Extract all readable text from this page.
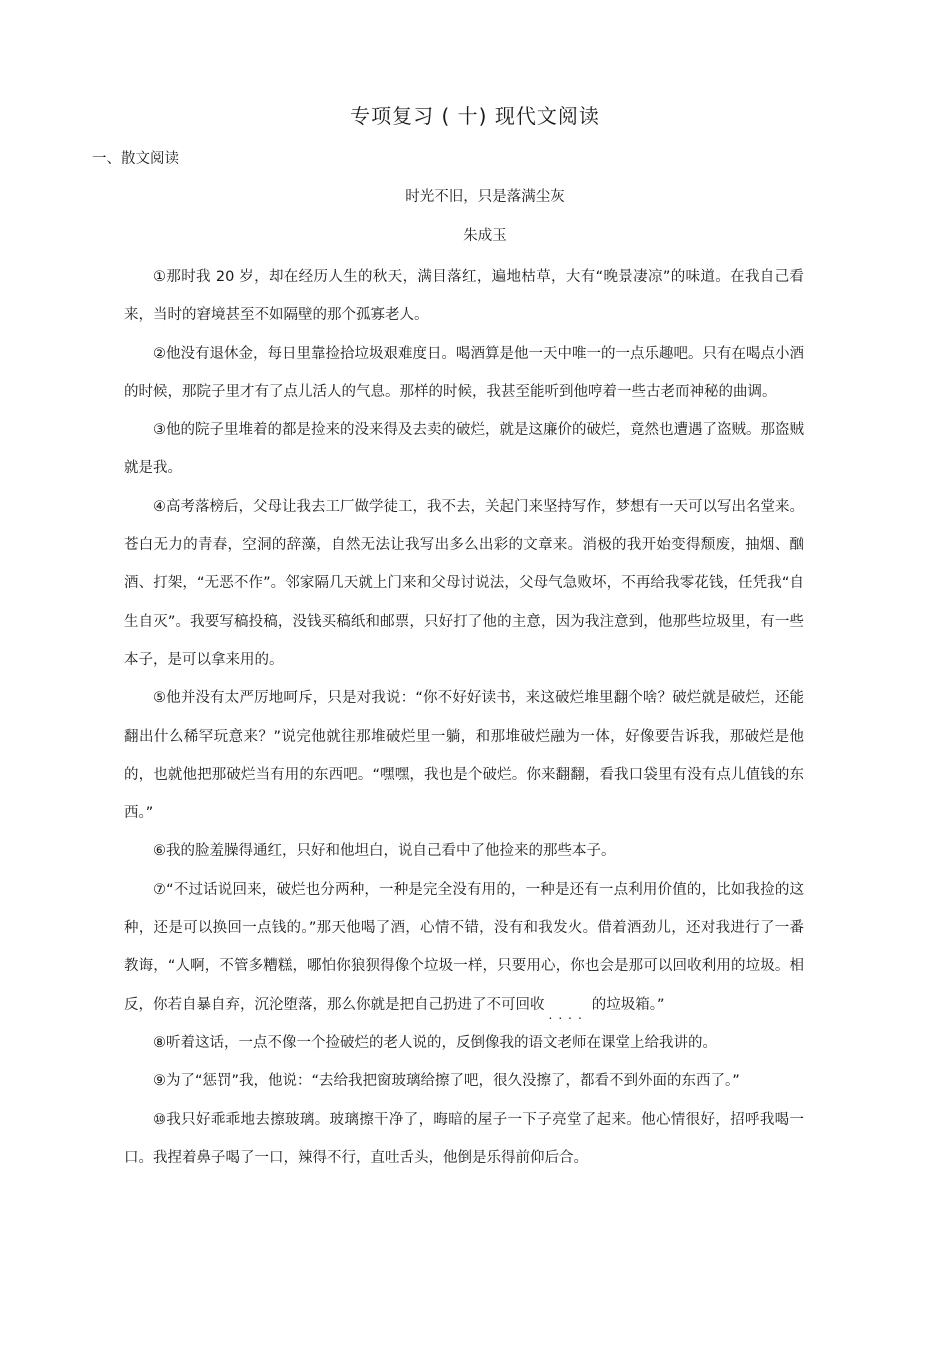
专项复习 ( 十) 现代文阅读
一、散文阅读
时光不旧，只是落满尘灰
朱成玉

①那时我 20 岁，却在经历人生的秋天，满目落红，遍地枯草，大有“晚景凄凉”的味道。在我自己看来，当时的窘境甚至不如隔壁的那个孤寡老人。

②他没有退休金，每日里靠捡拾垃圾艰难度日。喝酒算是他一天中唯一的一点乐趣吧。只有在喝点小酒的时候，那院子里才有了点儿活人的气息。那样的时候，我甚至能听到他哼着一些古老而神秘的曲调。

③他的院子里堆着的都是捡来的没来得及去卖的破烂，就是这廉价的破烂，竟然也遭遇了盗贼。那盗贼就是我。

④高考落榜后，父母让我去工厂做学徒工，我不去，关起门来坚持写作，梦想有一天可以写出名堂来。苍白无力的青春，空洞的辞藻，自然无法让我写出多么出彩的文章来。消极的我开始变得颓废，抽烟、酗酒、打架，“无恶不作”。邻家隔几天就上门来和父母讨说法，父母气急败坏，不再给我零花钱，任凭我“自生自灭”。我要写稿投稿，没钱买稿纸和邮票，只好打了他的主意，因为我注意到，他那些垃圾里，有一些本子，是可以拿来用的。

⑤他并没有太严厉地呵斥，只是对我说：“你不好好读书，来这破烂堆里翻个啥？破烂就是破烂，还能翻出什么稀罕玩意来？”说完他就往那堆破烂里一躺，和那堆破烂融为一体，好像要告诉我，那破烂是他的，也就他把那破烂当有用的东西吧。“嘿嘿，我也是个破烂。你来翻翻，看我口袋里有没有点儿值钱的东西。”

⑥我的脸羞臊得通红，只好和他坦白，说自己看中了他捡来的那些本子。

⑦“不过话说回来，破烂也分两种，一种是完全没有用的，一种是还有一点利用价值的，比如我捡的这种，还是可以换回一点钱的。”那天他喝了酒，心情不错，没有和我发火。借着酒劲儿，还对我进行了一番教诲，“人啊，不管多糟糕，哪怕你狼狈得像个垃圾一样，只要用心，你也会是那可以回收利用的垃圾。相反，你若自暴自弃，沉沦堕落，那么你就是把自己扔进了不可回收$_{....}$的垃圾箱。”

⑧听着这话，一点不像一个捡破烂的老人说的，反倒像我的语文老师在课堂上给我讲的。

⑨为了“惩罚”我，他说：“去给我把窗玻璃给擦了吧，很久没擦了，都看不到外面的东西了。”

⑩我只好乖乖地去擦玻璃。玻璃擦干净了，晦暗的屋子一下子亮堂了起来。他心情很好，招呼我喝一口。我捏着鼻子喝了一口，辣得不行，直吐舌头，他倒是乐得前仰后合。
